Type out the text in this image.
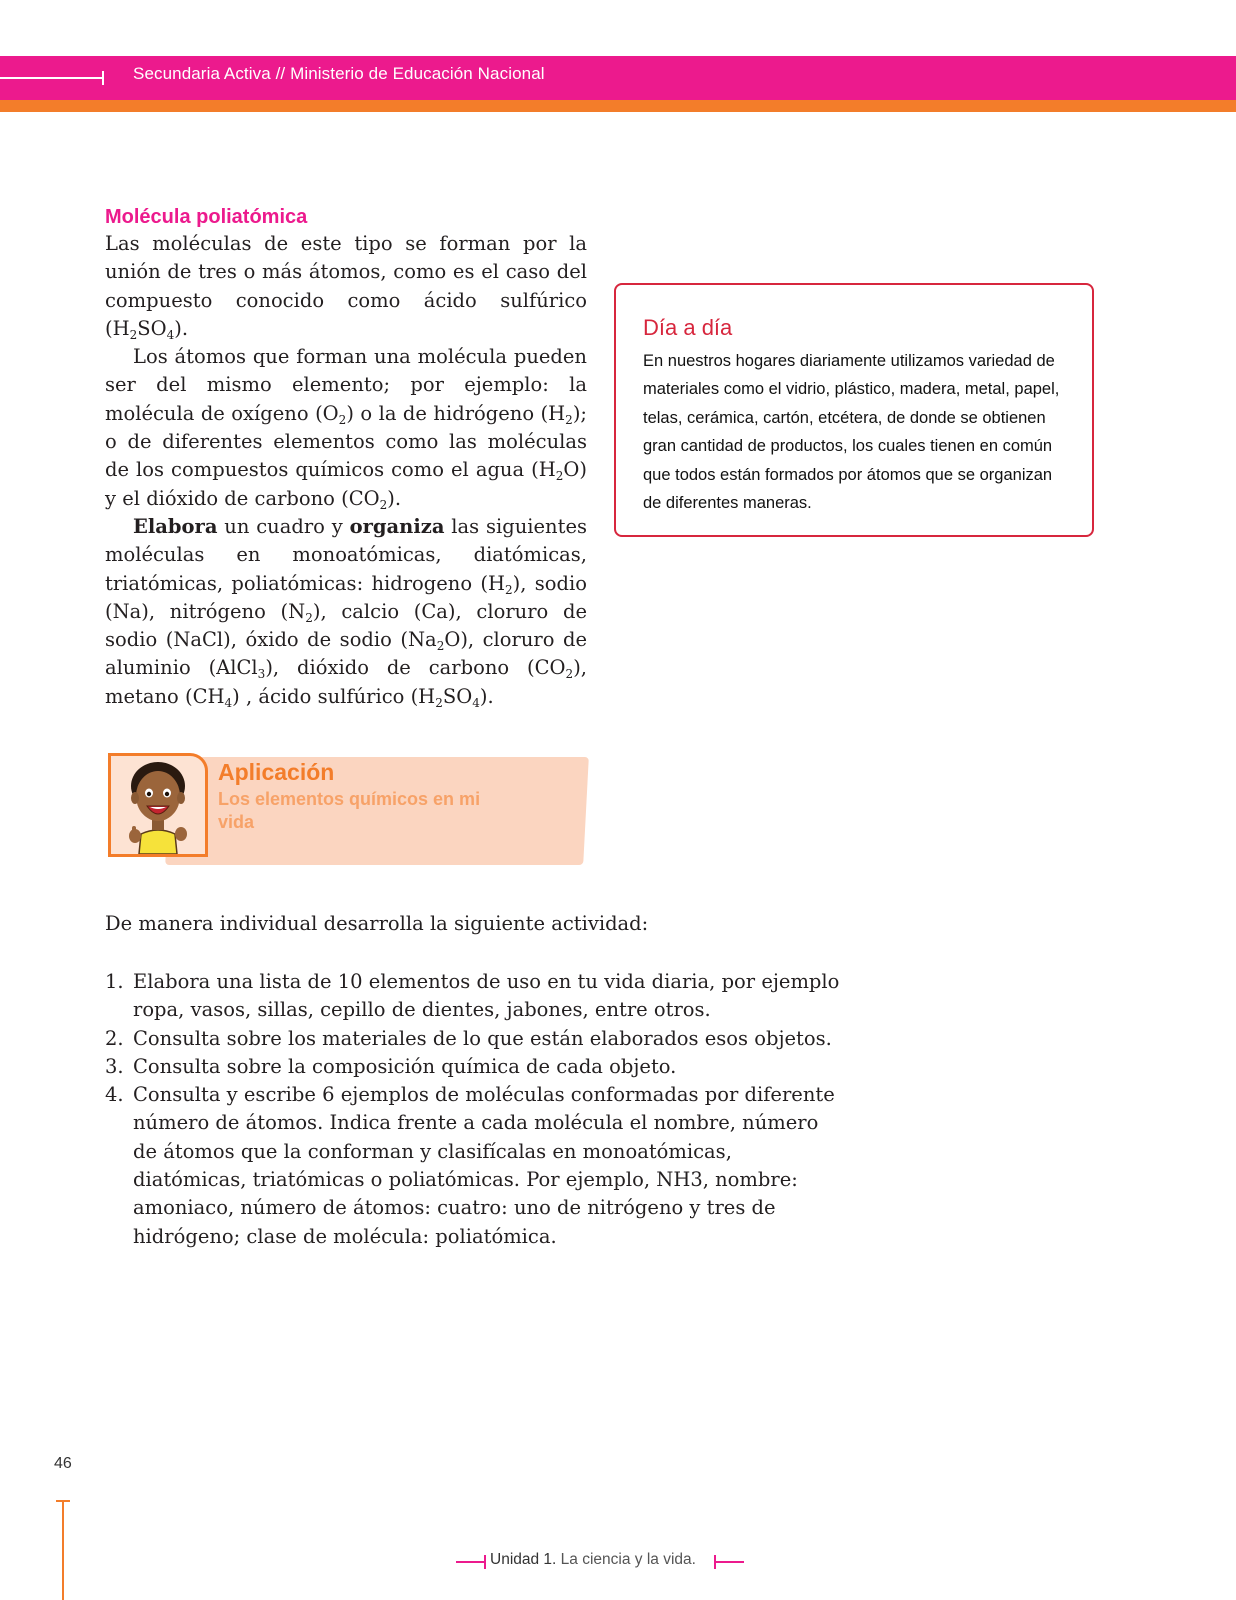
Secundaria Activa // Ministerio de Educación Nacional
Molécula poliatómica

Las moléculas de este tipo se forman por la unión de tres o más átomos, como es el caso del compuesto conocido como ácido sulfúrico $(H_2SO_4)$.

Los átomos que forman una molécula pueden ser del mismo elemento; por ejemplo: la molécula de oxígeno $(O_2)$ o la de hidrógeno $(H_2)$; o de diferentes elementos como las moléculas de los compuestos químicos como el agua $(H_2O)$ y el dióxido de carbono $(CO_2)$.

Elabora un cuadro y organiza las siguientes moléculas en monoatómicas, diatómicas, triatómicas, poliatómicas: hidrogeno $(H_2)$, sodio (Na), nitrógeno $(N_2)$, calcio (Ca), cloruro de sodio (NaCl), óxido de sodio $(Na_2O)$, cloruro de aluminio (AlCl$_3$), dióxido de carbono $(CO_2)$, metano $(CH_4)$ , ácido sulfúrico $(H_2SO_4)$.

Día a día
En nuestros hogares diariamente utilizamos variedad de materiales como el vidrio, plástico, madera, metal, papel, telas, cerámica, cartón, etcétera, de donde se obtienen gran cantidad de productos, los cuales tienen en común que todos están formados por átomos que se organizan de diferentes maneras.
Aplicación
Los elementos químicos en mi vida
De manera individual desarrolla la siguiente actividad:
1. Elabora una lista de 10 elementos de uso en tu vida diaria, por ejemplo ropa, vasos, sillas, cepillo de dientes, jabones, entre otros.
2. Consulta sobre los materiales de lo que están elaborados esos objetos.
3. Consulta sobre la composición química de cada objeto.
4. Consulta y escribe 6 ejemplos de moléculas conformadas por diferente número de átomos. Indica frente a cada molécula el nombre, número de átomos que la conforman y clasifícalas en monoatómicas, diatómicas, triatómicas o poliatómicas. Por ejemplo, NH3, nombre: amoniaco, número de átomos: cuatro: uno de nitrógeno y tres de hidrógeno; clase de molécula: poliatómica.
46
Unidad 1. La ciencia y la vida.
